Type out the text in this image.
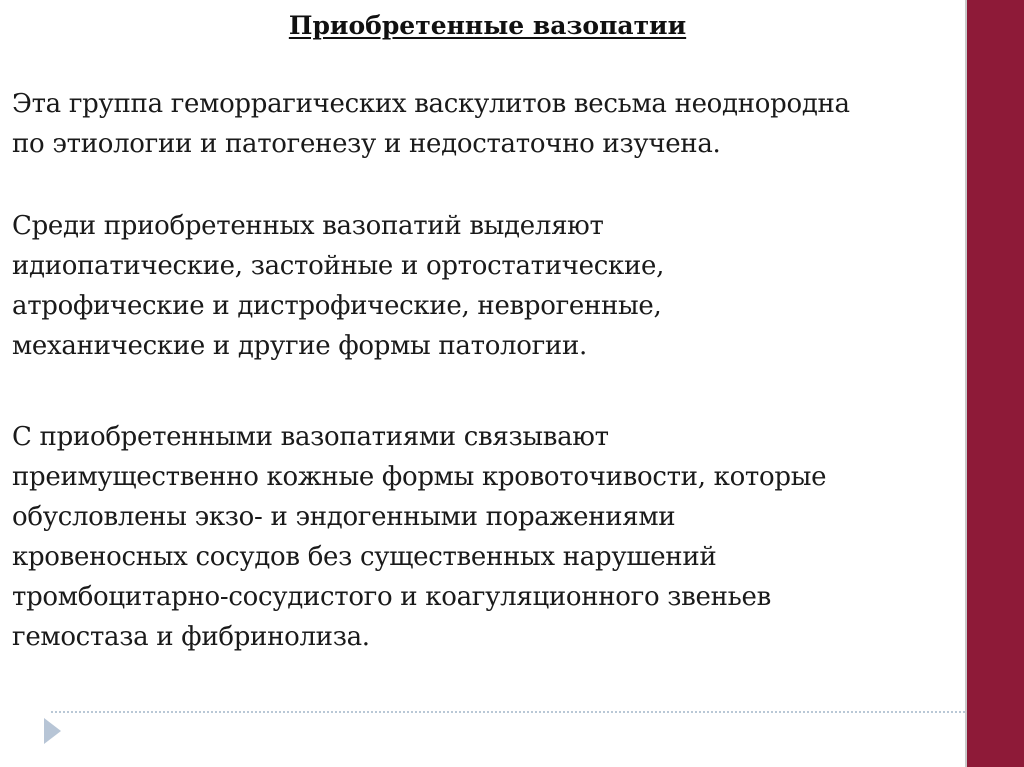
Приобретенные вазопатии

Эта группа геморрагических васкулитов весьма неоднородна
по этиологии и патогенезу и недостаточно изучена.

Среди приобретенных вазопатий выделяют
идиопатические, застойные и ортостатические,
атрофические и дистрофические, неврогенные,
механические и другие формы патологии.

С приобретенными вазопатиями связывают
преимущественно кожные формы кровоточивости, которые
обусловлены экзо- и эндогенными поражениями
кровеносных сосудов без существенных нарушений
тромбоцитарно-сосудистого и коагуляционного звеньев
гемостаза и фибринолиза.
